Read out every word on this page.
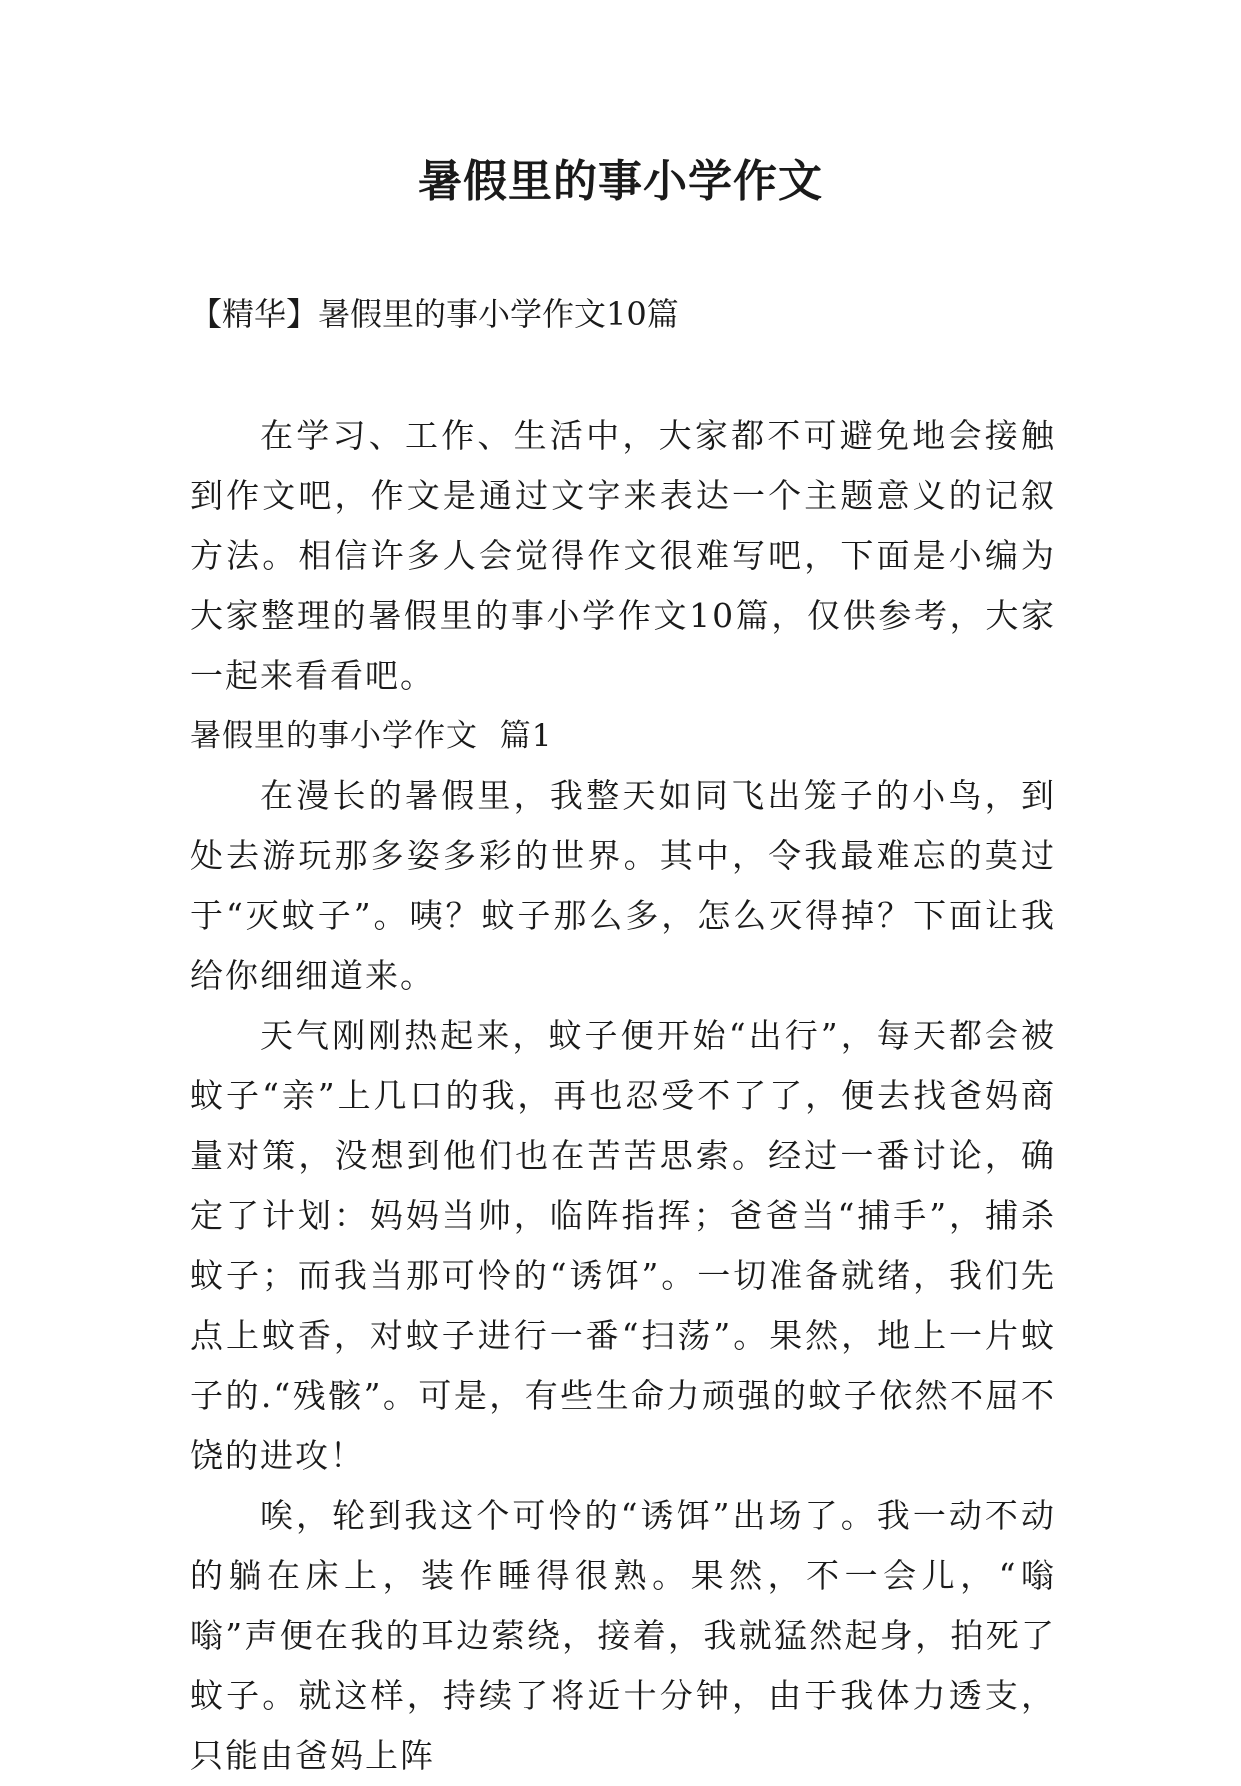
暑假里的事小学作文

【精华】暑假里的事小学作文10篇

在学习、工作、生活中，大家都不可避免地会接触到作文吧，作文是通过文字来表达一个主题意义的记叙方法。相信许多人会觉得作文很难写吧，下面是小编为大家整理的暑假里的事小学作文10篇，仅供参考，大家一起来看看吧。

暑假里的事小学作文  篇1

在漫长的暑假里，我整天如同飞出笼子的小鸟，到处去游玩那多姿多彩的世界。其中，令我最难忘的莫过于“灭蚊子”。咦？蚊子那么多，怎么灭得掉？下面让我给你细细道来。

天气刚刚热起来，蚊子便开始“出行”，每天都会被蚊子“亲”上几口的我，再也忍受不了了，便去找爸妈商量对策，没想到他们也在苦苦思索。经过一番讨论，确定了计划：妈妈当帅，临阵指挥；爸爸当“捕手”，捕杀蚊子；而我当那可怜的“诱饵”。一切准备就绪，我们先点上蚊香，对蚊子进行一番“扫荡”。果然，地上一片蚊子的.“残骸”。可是，有些生命力顽强的蚊子依然不屈不饶的进攻！

唉，轮到我这个可怜的“诱饵”出场了。我一动不动的躺在床上，装作睡得很熟。果然，不一会儿，“嗡嗡”声便在我的耳边萦绕，接着，我就猛然起身，拍死了蚊子。就这样，持续了将近十分钟，由于我体力透支，只能由爸妈上阵
